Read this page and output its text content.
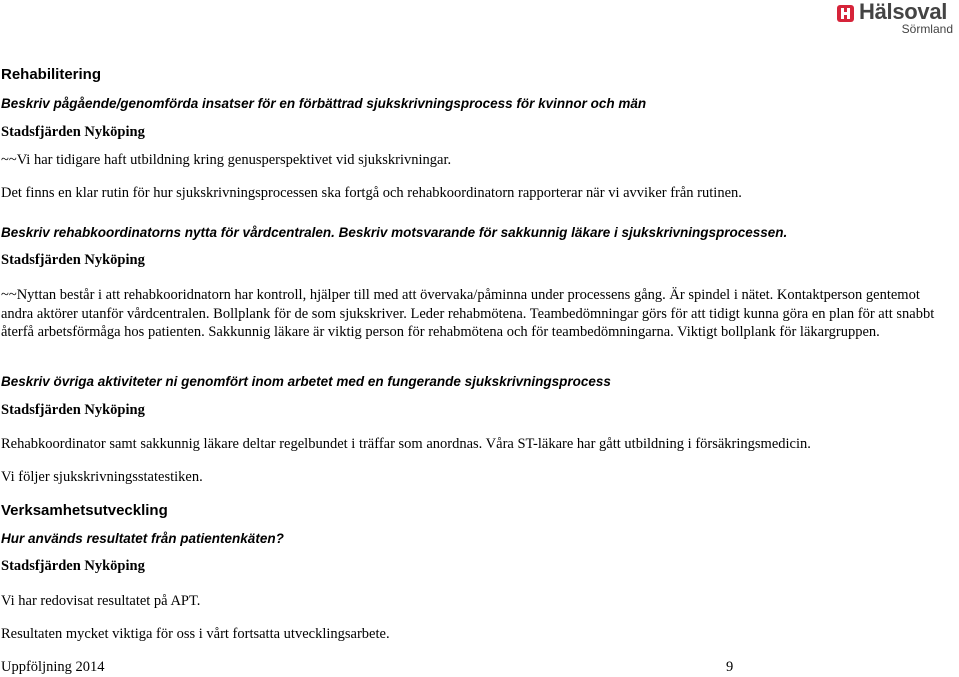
Hälsoval
Sörmland
Rehabilitering
Beskriv pågående/genomförda insatser för en förbättrad sjukskrivningsprocess för kvinnor och män
Stadsfjärden Nyköping

~~Vi har tidigare haft utbildning kring genusperspektivet vid sjukskrivningar.

Det finns en klar rutin för hur sjukskrivningsprocessen ska fortgå och rehabkoordinatorn rapporterar när vi avviker från rutinen.

Beskriv rehabkoordinatorns nytta för vårdcentralen. Beskriv motsvarande för sakkunnig läkare i sjukskrivningsprocessen.
Stadsfjärden Nyköping

~~Nyttan består i att rehabkooridnatorn har kontroll, hjälper till med att övervaka/påminna under processens gång. Är spindel i nätet. Kontaktperson gentemot andra aktörer utanför vårdcentralen. Bollplank för de som sjukskriver. Leder rehabmötena. Teambedömningar görs för att tidigt kunna göra en plan för att snabbt återfå arbetsförmåga hos patienten. Sakkunnig läkare är viktig person för rehabmötena och för teambedömningarna. Viktigt bollplank för läkargruppen.

Beskriv övriga aktiviteter ni genomfört inom arbetet med en fungerande sjukskrivningsprocess
Stadsfjärden Nyköping

Rehabkoordinator samt sakkunnig läkare deltar regelbundet i träffar som anordnas. Våra ST-läkare har gått utbildning i försäkringsmedicin.

Vi följer sjukskrivningsstatestiken.

Verksamhetsutveckling
Hur används resultatet från patientenkäten?
Stadsfjärden Nyköping

Vi har redovisat resultatet på APT.

Resultaten mycket viktiga för oss i vårt fortsatta utvecklingsarbete.

Uppföljning 2014	9
